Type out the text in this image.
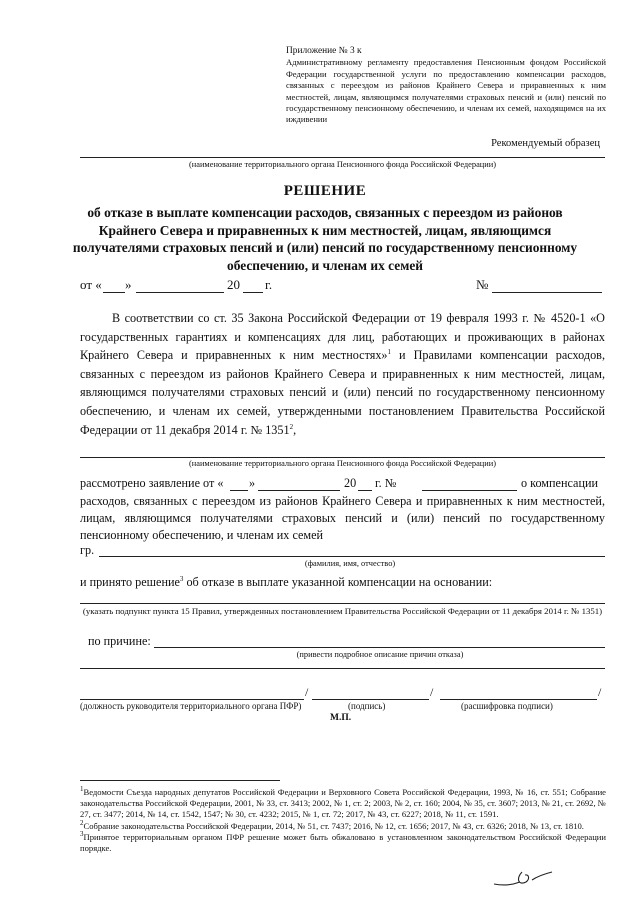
Приложение № 3 к
Административному регламенту предоставления Пенсионным фондом Российской Федерации государственной услуги по предоставлению компенсации расходов, связанных с переездом из районов Крайнего Севера и приравненных к ним местностей, лицам, являющимся получателями страховых пенсий и (или) пенсий по государственному пенсионному обеспечению, и членам их семей, находящимся на их иждивении
Рекомендуемый образец
(наименование территориального органа Пенсионного фонда Российской Федерации)
РЕШЕНИЕ
об отказе в выплате компенсации расходов, связанных с переездом из районов Крайнего Севера и приравненных к ним местностей, лицам, являющимся получателями страховых пенсий и (или) пенсий по государственному пенсионному обеспечению, и членам их семей
от « »	20 г.	№
В соответствии со ст. 35 Закона Российской Федерации от 19 февраля 1993 г. № 4520-1 «О государственных гарантиях и компенсациях для лиц, работающих и проживающих в районах Крайнего Севера и приравненных к ним местностях»$^1$ и Правилами компенсации расходов, связанных с переездом из районов Крайнего Севера и приравненных к ним местностей, лицам, являющимся получателями страховых пенсий и (или) пенсий по государственному пенсионному обеспечению, и членам их семей, утвержденными постановлением Правительства Российской Федерации от 11 декабря 2014 г. № 1351$^2$,
(наименование территориального органа Пенсионного фонда Российской Федерации)
рассмотрено заявление от « »	20 г. №	о компенсации
расходов, связанных с переездом из районов Крайнего Севера и приравненных к ним местностей, лицам, являющимся получателями страховых пенсий и (или) пенсий по государственному пенсионному обеспечению, и членам их семей
гр.
(фамилия, имя, отчество)
и принято решение$^3$ об отказе в выплате указанной компенсации на основании:
(указать подпункт пункта 15 Правил, утвержденных постановлением Правительства Российской Федерации от 11 декабря 2014 г. № 1351)
по причине:
(привести подробное описание причин отказа)
/	/	/
(должность руководителя территориального органа ПФР)	(подпись)	(расшифровка подписи)
М.П.
$^1$Ведомости Съезда народных депутатов Российской Федерации и Верховного Совета Российской Федерации, 1993, № 16, ст. 551; Собрание законодательства Российской Федерации, 2001, № 33, ст. 3413; 2002, № 1, ст. 2; 2003, № 2, ст. 160; 2004, № 35, ст. 3607; 2013, № 21, ст. 2692, № 27, ст. 3477; 2014, № 14, ст. 1542, 1547; № 30, ст. 4232; 2015, № 1, ст. 72; 2017, № 43, ст. 6227; 2018, № 11, ст. 1591.
$^2$Собрание законодательства Российской Федерации, 2014, № 51, ст. 7437; 2016, № 12, ст. 1656; 2017, № 43, ст. 6326; 2018, № 13, ст. 1810.
$^3$Принятое территориальным органом ПФР решение может быть обжаловано в установленном законодательством Российской Федерации порядке.
